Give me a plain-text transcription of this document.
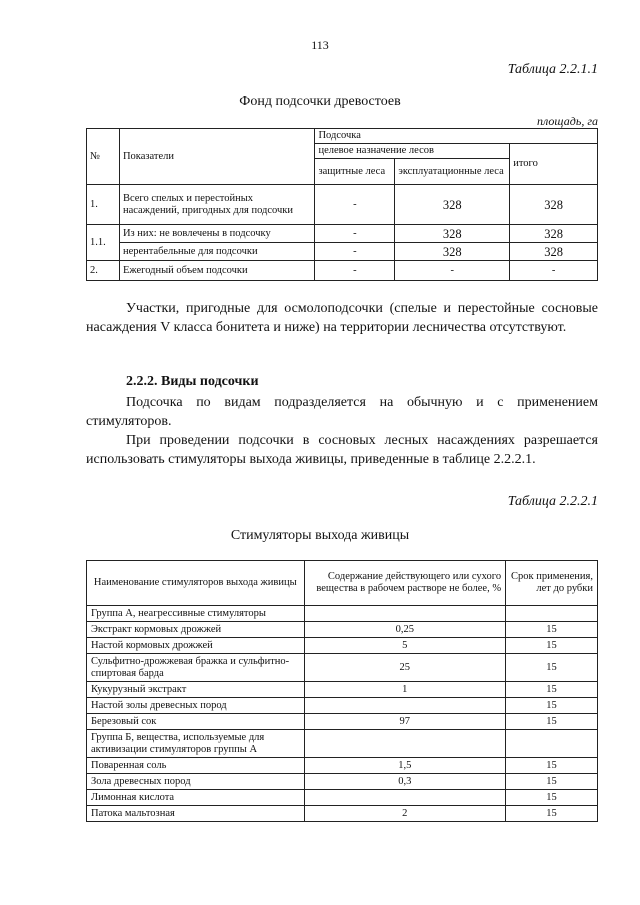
113
Таблица 2.2.1.1
Фонд подсочки древостоев
площадь, га
№	Показатели	Подсочка		
		целевое назначение лесов		итого
		защитные леса	эксплуатационные леса	
1.	Всего спелых и перестойных насаждений, пригодных для подсочки	-	328	328
1.1.	Из них: не вовлечены в подсочку	-	328	328
	нерентабельные для подсочки	-	328	328
2.	Ежегодный объем подсочки	-	-	-
Участки, пригодные для осмолоподсочки (спелые и перестойные сосновые насаждения V класса бонитета и ниже) на территории лесничества отсутствуют.
2.2.2. Виды подсочки
Подсочка по видам подразделяется на обычную и с применением стимуляторов.
При проведении подсочки в сосновых лесных насаждениях разрешается использовать стимуляторы выхода живицы, приведенные в таблице 2.2.2.1.
Таблица 2.2.2.1
Стимуляторы выхода живицы
Наименование стимуляторов выхода живицы	Содержание действующего или сухого вещества в рабочем растворе не более, %	Срок применения, лет до рубки
Группа А, неагрессивные стимуляторы		
Экстракт кормовых дрожжей	0,25	15
Настой кормовых дрожжей	5	15
Сульфитно-дрожжевая бражка и сульфитно-спиртовая барда	25	15
Кукурузный экстракт	1	15
Настой золы древесных пород		15
Березовый сок	97	15
Группа Б, вещества, используемые для активизации стимуляторов группы А		
Поваренная соль	1,5	15
Зола древесных пород	0,3	15
Лимонная кислота		15
Патока мальтозная	2	15
